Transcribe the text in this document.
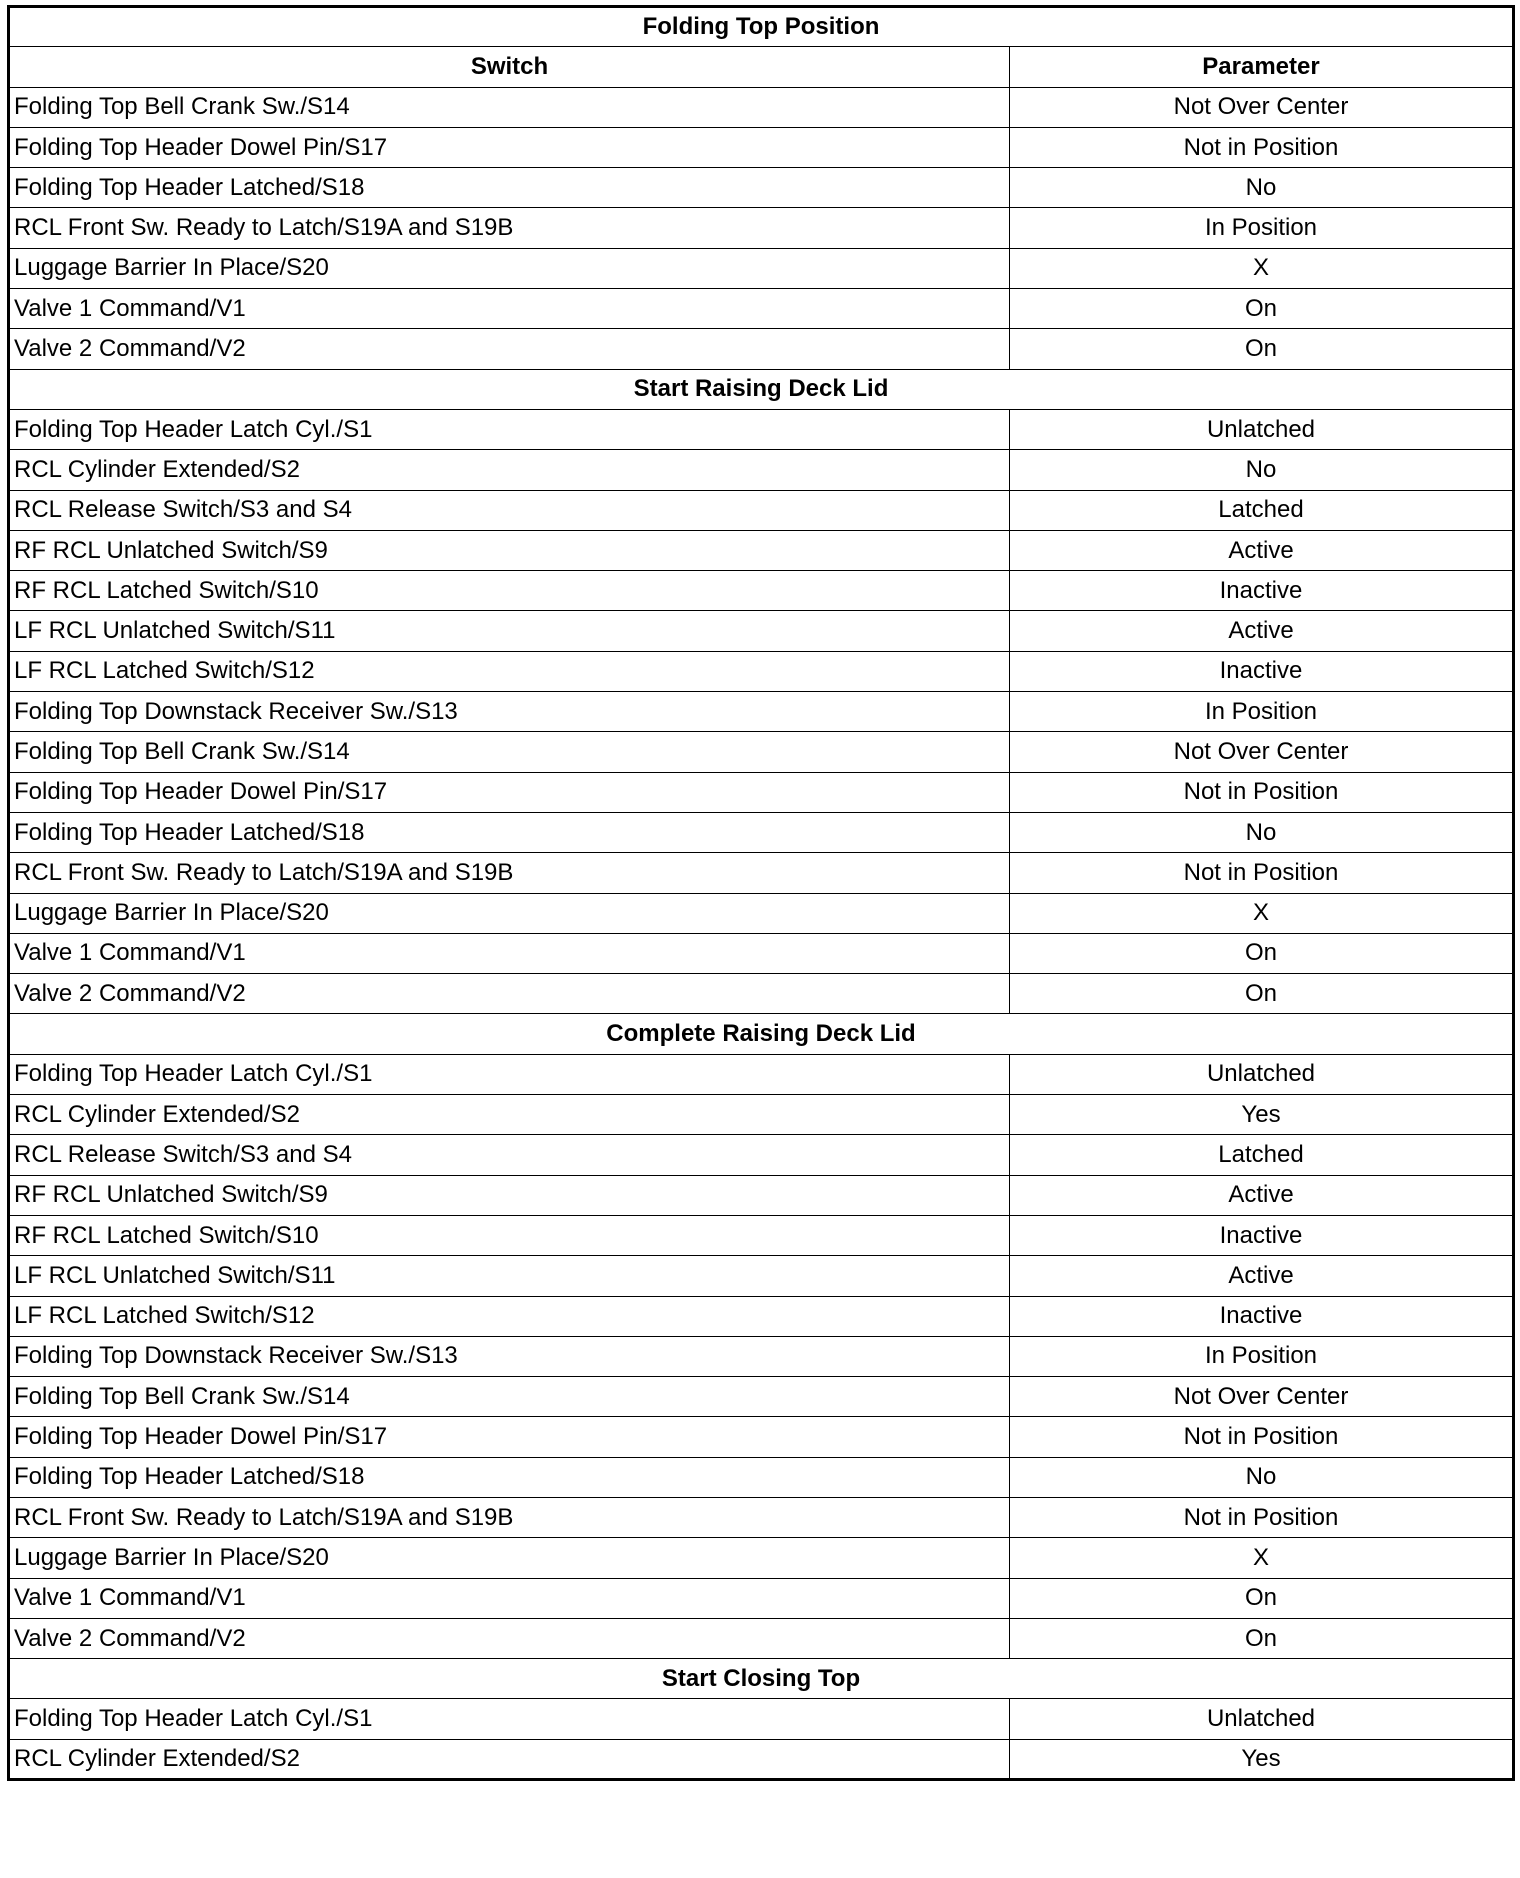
Folding Top Position	
Switch	Parameter
Folding Top Bell Crank Sw./S14	Not Over Center
Folding Top Header Dowel Pin/S17	Not in Position
Folding Top Header Latched/S18	No
RCL Front Sw. Ready to Latch/S19A and S19B	In Position
Luggage Barrier In Place/S20	X
Valve 1 Command/V1	On
Valve 2 Command/V2	On
Start Raising Deck Lid	
Folding Top Header Latch Cyl./S1	Unlatched
RCL Cylinder Extended/S2	No
RCL Release Switch/S3 and S4	Latched
RF RCL Unlatched Switch/S9	Active
RF RCL Latched Switch/S10	Inactive
LF RCL Unlatched Switch/S11	Active
LF RCL Latched Switch/S12	Inactive
Folding Top Downstack Receiver Sw./S13	In Position
Folding Top Bell Crank Sw./S14	Not Over Center
Folding Top Header Dowel Pin/S17	Not in Position
Folding Top Header Latched/S18	No
RCL Front Sw. Ready to Latch/S19A and S19B	Not in Position
Luggage Barrier In Place/S20	X
Valve 1 Command/V1	On
Valve 2 Command/V2	On
Complete Raising Deck Lid	
Folding Top Header Latch Cyl./S1	Unlatched
RCL Cylinder Extended/S2	Yes
RCL Release Switch/S3 and S4	Latched
RF RCL Unlatched Switch/S9	Active
RF RCL Latched Switch/S10	Inactive
LF RCL Unlatched Switch/S11	Active
LF RCL Latched Switch/S12	Inactive
Folding Top Downstack Receiver Sw./S13	In Position
Folding Top Bell Crank Sw./S14	Not Over Center
Folding Top Header Dowel Pin/S17	Not in Position
Folding Top Header Latched/S18	No
RCL Front Sw. Ready to Latch/S19A and S19B	Not in Position
Luggage Barrier In Place/S20	X
Valve 1 Command/V1	On
Valve 2 Command/V2	On
Start Closing Top	
Folding Top Header Latch Cyl./S1	Unlatched
RCL Cylinder Extended/S2	Yes
